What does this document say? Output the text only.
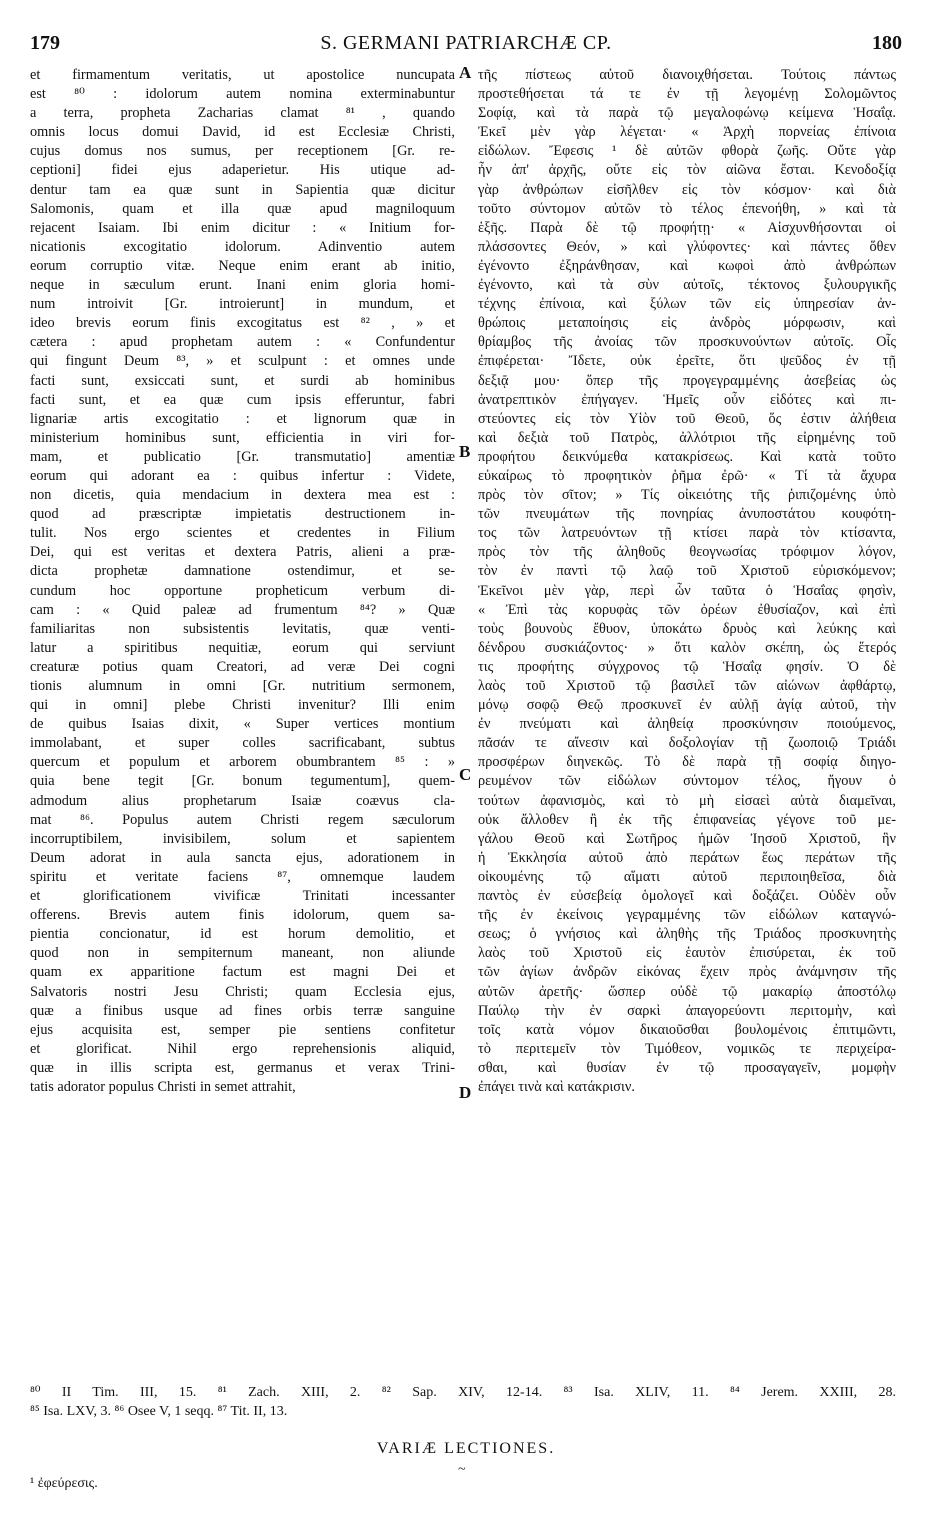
179	S. GERMANI PATRIARCHÆ CP.	180
et firmamentum veritatis, ut apostolice nuncupata
est ⁸⁰ : idolorum autem nomina exterminabuntur
a terra, propheta Zacharias clamat ⁸¹ , quando
omnis locus domui David, id est Ecclesiæ Christi,
cujus domus nos sumus, per receptionem [Gr. re-
ceptioni] fidei ejus adaperietur. His utique ad-
dentur tam ea quæ sunt in Sapientia quæ dicitur
Salomonis, quam et illa quæ apud magniloquum
rejacent Isaiam. Ibi enim dicitur : « Initium for-
nicationis excogitatio idolorum. Adinventio autem
eorum corruptio vitæ. Neque enim erant ab initio,
neque in sæculum erunt. Inani enim gloria homi-
num introivit [Gr. introierunt] in mundum, et
ideo brevis eorum finis excogitatus est ⁸² , » et
cætera : apud prophetam autem : « Confundentur
qui fingunt Deum ⁸³, » et sculpunt : et omnes unde
facti sunt, exsiccati sunt, et surdi ab hominibus
facti sunt, et ea quæ cum ipsis efferuntur, fabri
lignariæ artis excogitatio : et lignorum quæ in
ministerium hominibus sunt, efficientia in viri for-
mam, et publicatio [Gr. transmutatio] amentiæ
eorum qui adorant ea : quibus infertur : Videte,
non dicetis, quia mendacium in dextera mea est :
quod ad præscriptæ impietatis destructionem in-
tulit. Nos ergo scientes et credentes in Filium
Dei, qui est veritas et dextera Patris, alieni a præ-
dicta prophetæ damnatione ostendimur, et se-
cundum hoc opportune propheticum verbum di-
cam : « Quid paleæ ad frumentum ⁸⁴? » Quæ
familiaritas non subsistentis levitatis, quæ venti-
latur a spiritibus nequitiæ, eorum qui serviunt
creaturæ potius quam Creatori, ad veræ Dei cogni
tionis alumnum in omni [Gr. nutritium sermonem,
qui in omni] plebe Christi invenitur? Illi enim
de quibus Isaias dixit, « Super vertices montium
immolabant, et super colles sacrificabant, subtus
quercum et populum et arborem obumbrantem ⁸⁵ : »
quia bene tegit [Gr. bonum tegumentum], quem-
admodum alius prophetarum Isaiæ coævus cla-
mat ⁸⁶. Populus autem Christi regem sæculorum
incorruptibilem, invisibilem, solum et sapientem
Deum adorat in aula sancta ejus, adorationem in
spiritu et veritate faciens ⁸⁷, omnemque laudem
et glorificationem vivificæ Trinitati incessanter
offerens. Brevis autem finis idolorum, quem sa-
pientia concionatur, id est horum demolitio, et
quod non in sempiternum maneant, non aliunde
quam ex apparitione factum est magni Dei et
Salvatoris nostri Jesu Christi; quam Ecclesia ejus,
quæ a finibus usque ad fines orbis terræ sanguine
ejus acquisita est, semper pie sentiens confitetur
et glorificat. Nihil ergo reprehensionis aliquid,
quæ in illis scripta est, germanus et verax Trini-
tatis adorator populus Christi in semet attrahit,
τῆς πίστεως αὐτοῦ διανοιχθήσεται. Τούτοις πάντως
προστεθήσεται τά τε ἐν τῇ λεγομένῃ Σολομῶντος
Σοφίᾳ, καὶ τὰ παρὰ τῷ μεγαλοφώνῳ κείμενα Ἡσαΐᾳ.
Ἐκεῖ μὲν γὰρ λέγεται· « Ἀρχὴ πορνείας ἐπίνοια
εἰδώλων. Ἔφεσις ¹ δὲ αὐτῶν φθορὰ ζωῆς. Οὔτε γὰρ
ἦν ἀπ' ἀρχῆς, οὔτε εἰς τὸν αἰῶνα ἔσται. Κενοδοξίᾳ
γὰρ ἀνθρώπων εἰσῆλθεν εἰς τὸν κόσμον· καὶ διὰ
τοῦτο σύντομον αὐτῶν τὸ τέλος ἐπενοήθη, » καὶ τὰ
ἑξῆς. Παρὰ δὲ τῷ προφήτῃ· « Αἰσχυνθήσονται οἱ
πλάσσοντες Θεόν, » καὶ γλύφοντες· καὶ πάντες ὅθεν
ἐγένοντο ἐξηράνθησαν, καὶ κωφοὶ ἀπὸ ἀνθρώπων
ἐγένοντο, καὶ τὰ σὺν αὐτοῖς, τέκτονος ξυλουργικῆς
τέχνης ἐπίνοια, καὶ ξύλων τῶν εἰς ὑπηρεσίαν ἀν-
θρώποις μεταποίησις εἰς ἀνδρὸς μόρφωσιν, καὶ
θρίαμβος τῆς ἀνοίας τῶν προσκυνούντων αὐτοῖς. Οἷς
ἐπιφέρεται· Ἴδετε, οὐκ ἐρεῖτε, ὅτι ψεῦδος ἐν τῇ
δεξιᾷ μου· ὅπερ τῆς προγεγραμμένης ἀσεβείας ὡς
ἀνατρεπτικὸν ἐπήγαγεν. Ἡμεῖς οὖν εἰδότες καὶ πι-
στεύοντες εἰς τὸν Υἱὸν τοῦ Θεοῦ, ὅς ἐστιν ἀλήθεια
καὶ δεξιὰ τοῦ Πατρὸς, ἀλλότριοι τῆς εἰρημένης τοῦ
προφήτου δεικνύμεθα κατακρίσεως. Καὶ κατὰ τοῦτο
εὐκαίρως τὸ προφητικὸν ῥῆμα ἐρῶ· « Τί τὰ ἄχυρα
πρὸς τὸν σῖτον; » Τίς οἰκειότης τῆς ῥιπιζομένης ὑπὸ
τῶν πνευμάτων τῆς πονηρίας ἀνυποστάτου κουφότη-
τος τῶν λατρευόντων τῇ κτίσει παρὰ τὸν κτίσαντα,
πρὸς τὸν τῆς ἀληθοῦς θεογνωσίας τρόφιμον λόγον,
τὸν ἐν παντὶ τῷ λαῷ τοῦ Χριστοῦ εὑρισκόμενον;
Ἐκεῖνοι μὲν γὰρ, περὶ ὧν ταῦτα ὁ Ἡσαΐας φησὶν,
« Ἐπὶ τὰς κορυφὰς τῶν ὀρέων ἐθυσίαζον, καὶ ἐπὶ
τοὺς βουνοὺς ἔθυον, ὑποκάτω δρυὸς καὶ λεύκης καὶ
δένδρου συσκιάζοντος· » ὅτι καλὸν σκέπη, ὡς ἕτερός
τις προφήτης σύγχρονος τῷ Ἡσαΐᾳ φησίν. Ὁ δὲ
λαὸς τοῦ Χριστοῦ τῷ βασιλεῖ τῶν αἰώνων ἀφθάρτῳ,
μόνῳ σοφῷ Θεῷ προσκυνεῖ ἐν αὐλῇ ἁγίᾳ αὐτοῦ, τὴν
ἐν πνεύματι καὶ ἀληθείᾳ προσκύνησιν ποιούμενος,
πᾶσάν τε αἴνεσιν καὶ δοξολογίαν τῇ ζωοποιῷ Τριάδι
προσφέρων διηνεκῶς. Τὸ δὲ παρὰ τῇ σοφίᾳ διηγο-
ρευμένον τῶν εἰδώλων σύντομον τέλος, ἤγουν ὁ
τούτων ἀφανισμὸς, καὶ τὸ μὴ εἰσαεὶ αὐτὰ διαμεῖναι,
οὐκ ἄλλοθεν ἢ ἐκ τῆς ἐπιφανείας γέγονε τοῦ με-
γάλου Θεοῦ καὶ Σωτῆρος ἡμῶν Ἰησοῦ Χριστοῦ, ἣν
ἡ Ἐκκλησία αὐτοῦ ἀπὸ περάτων ἕως περάτων τῆς
οἰκουμένης τῷ αἵματι αὐτοῦ περιποιηθεῖσα, διὰ
παντὸς ἐν εὐσεβείᾳ ὁμολογεῖ καὶ δοξάζει. Οὐδὲν οὖν
τῆς ἐν ἐκείνοις γεγραμμένης τῶν εἰδώλων καταγνώ-
σεως; ὁ γνήσιος καὶ ἀληθὴς τῆς Τριάδος προσκυνητὴς
λαὸς τοῦ Χριστοῦ εἰς ἑαυτὸν ἐπισύρεται, ἐκ τοῦ
τῶν ἁγίων ἀνδρῶν εἰκόνας ἔχειν πρὸς ἀνάμνησιν τῆς
αὐτῶν ἀρετῆς· ὥσπερ οὐδὲ τῷ μακαρίῳ ἀποστόλῳ
Παύλῳ τὴν ἐν σαρκὶ ἀπαγορεύοντι περιτομὴν, καὶ
τοῖς κατὰ νόμον δικαιοῦσθαι βουλομένοις ἐπιτιμῶντι,
τὸ περιτεμεῖν τὸν Τιμόθεον, νομικῶς τε περιχείρα-
σθαι, καὶ θυσίαν ἐν τῷ προσαγαγεῖν, μομφὴν
ἐπάγει τινὰ καὶ κατάκρισιν.
A
B
C
D
⁸⁰ II Tim. III, 15. ⁸¹ Zach. XIII, 2. ⁸² Sap. XIV, 12-14. ⁸³ Isa. XLIV, 11. ⁸⁴ Jerem. XXIII, 28.
⁸⁵ Isa. LXV, 3. ⁸⁶ Osee V, 1 seqq. ⁸⁷ Tit. II, 13.
VARIÆ LECTIONES.
~
¹ ἐφεύρεσις.
